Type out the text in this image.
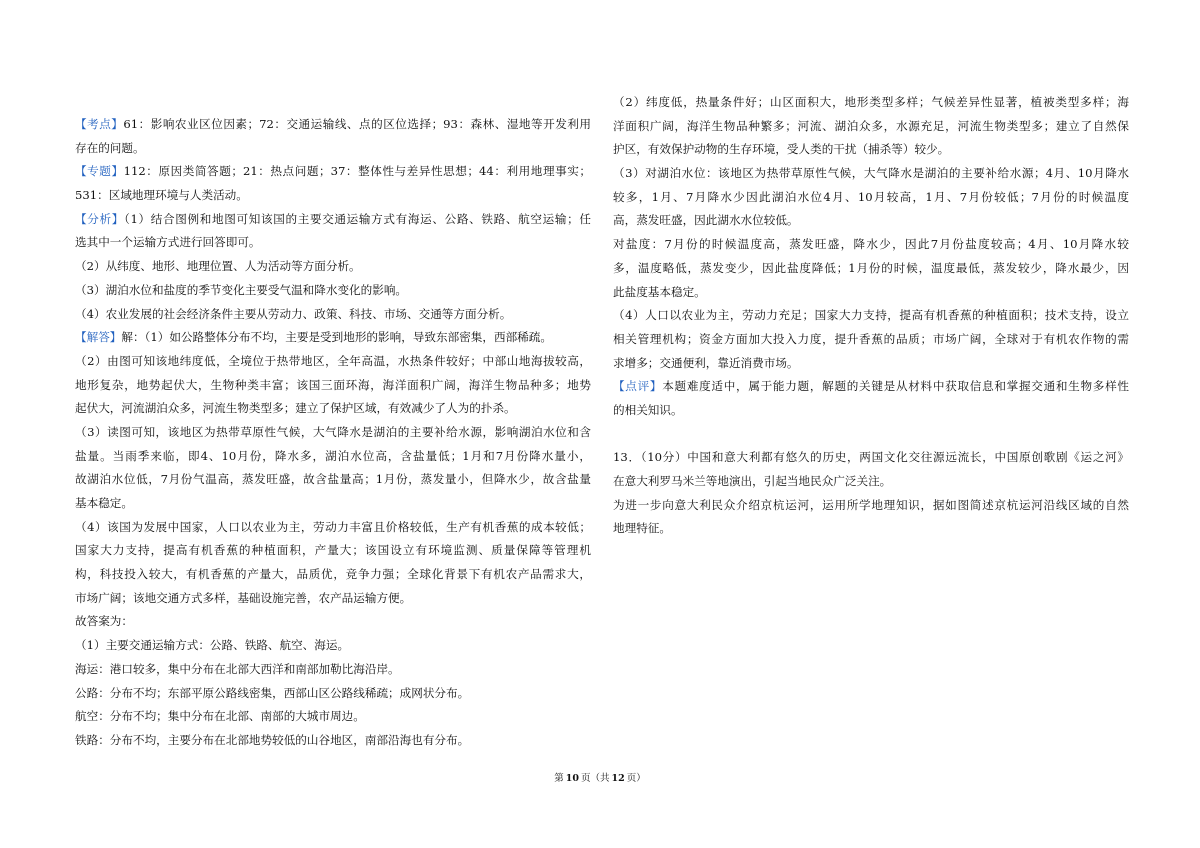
【考点】61：影响农业区位因素；72：交通运输线、点的区位选择；93：森林、湿地等开发利用
存在的问题。
【专题】112：原因类简答题；21：热点问题；37：整体性与差异性思想；44：利用地理事实；
531：区域地理环境与人类活动。
【分析】（1）结合图例和地图可知该国的主要交通运输方式有海运、公路、铁路、航空运输；任
选其中一个运输方式进行回答即可。
（2）从纬度、地形、地理位置、人为活动等方面分析。
（3）湖泊水位和盐度的季节变化主要受气温和降水变化的影响。
（4）农业发展的社会经济条件主要从劳动力、政策、科技、市场、交通等方面分析。
【解答】解：（1）如公路整体分布不均，主要是受到地形的影响，导致东部密集，西部稀疏。
（2）由图可知该地纬度低，全境位于热带地区，全年高温，水热条件较好；中部山地海拔较高，
地形复杂，地势起伏大，生物种类丰富；该国三面环海，海洋面积广阔，海洋生物品种多；地势
起伏大，河流湖泊众多，河流生物类型多；建立了保护区域，有效减少了人为的扑杀。
（3）读图可知，该地区为热带草原性气候，大气降水是湖泊的主要补给水源，影响湖泊水位和含
盐量。当雨季来临，即4、10月份，降水多，湖泊水位高，含盐量低；1月和7月份降水量小，
故湖泊水位低，7月份气温高，蒸发旺盛，故含盐量高；1月份，蒸发量小，但降水少，故含盐量
基本稳定。
（4）该国为发展中国家，人口以农业为主，劳动力丰富且价格较低，生产有机香蕉的成本较低；
国家大力支持，提高有机香蕉的种植面积，产量大；该国设立有环境监测、质量保障等管理机
构，科技投入较大，有机香蕉的产量大，品质优，竞争力强；全球化背景下有机农产品需求大，
市场广阔；该地交通方式多样，基础设施完善，农产品运输方便。
故答案为：
（1）主要交通运输方式：公路、铁路、航空、海运。
海运：港口较多，集中分布在北部大西洋和南部加勒比海沿岸。
公路：分布不均；东部平原公路线密集，西部山区公路线稀疏；成网状分布。
航空：分布不均；集中分布在北部、南部的大城市周边。
铁路：分布不均，主要分布在北部地势较低的山谷地区，南部沿海也有分布。
（2）纬度低，热量条件好；山区面积大，地形类型多样；气候差异性显著，植被类型多样；海
洋面积广阔，海洋生物品种繁多；河流、湖泊众多，水源充足，河流生物类型多；建立了自然保
护区，有效保护动物的生存环境，受人类的干扰（捕杀等）较少。
（3）对湖泊水位：该地区为热带草原性气候，大气降水是湖泊的主要补给水源；4月、10月降水
较多，1月、7月降水少因此湖泊水位4月、10月较高，1月、7月份较低；7月份的时候温度
高，蒸发旺盛，因此湖水水位较低。
对盐度：7月份的时候温度高，蒸发旺盛，降水少，因此7月份盐度较高；4月、10月降水较
多，温度略低，蒸发变少，因此盐度降低；1月份的时候，温度最低，蒸发较少，降水最少，因
此盐度基本稳定。
（4）人口以农业为主，劳动力充足；国家大力支持，提高有机香蕉的种植面积；技术支持，设立
相关管理机构；资金方面加大投入力度，提升香蕉的品质；市场广阔，全球对于有机农作物的需
求增多；交通便利，靠近消费市场。
【点评】本题难度适中，属于能力题，解题的关键是从材料中获取信息和掌握交通和生物多样性
的相关知识。
13．（10分）中国和意大利都有悠久的历史，两国文化交往源远流长，中国原创歌剧《运之河》
在意大利罗马米兰等地演出，引起当地民众广泛关注。
为进一步向意大利民众介绍京杭运河，运用所学地理知识，据如图简述京杭运河沿线区域的自然
地理特征。
第 10 页（共 12 页）
